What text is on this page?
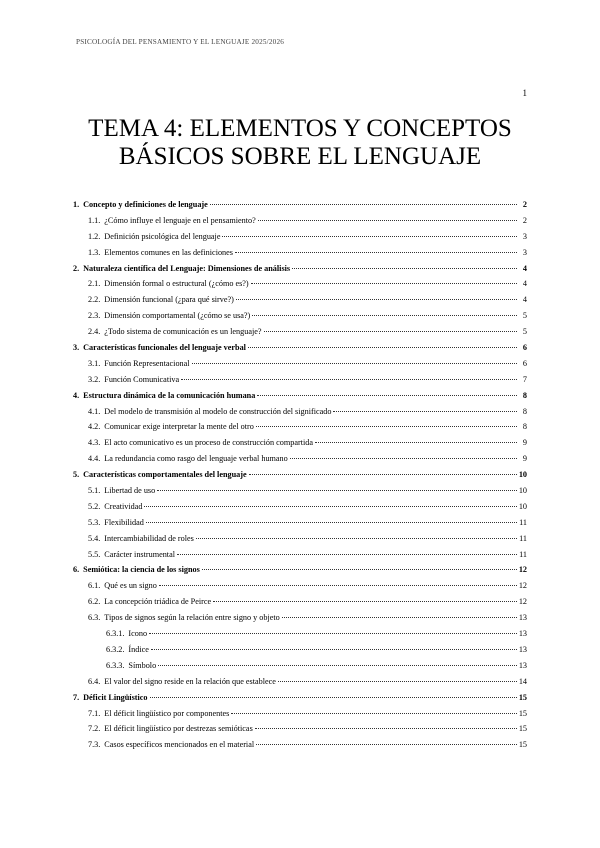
PSICOLOGÍA DEL PENSAMIENTO Y EL LENGUAJE 2025/2026
1
TEMA 4: ELEMENTOS Y CONCEPTOS
BÁSICOS SOBRE EL LENGUAJE
1. Concepto y definiciones de lenguaje	2
1.1. ¿Cómo influye el lenguaje en el pensamiento?	2
1.2. Definición psicológica del lenguaje	3
1.3. Elementos comunes en las definiciones	3
2. Naturaleza científica del Lenguaje: Dimensiones de análisis	4
2.1. Dimensión formal o estructural (¿cómo es?)	4
2.2. Dimensión funcional (¿para qué sirve?)	4
2.3. Dimensión comportamental (¿cómo se usa?)	5
2.4. ¿Todo sistema de comunicación es un lenguaje?	5
3. Características funcionales del lenguaje verbal	6
3.1. Función Representacional	6
3.2. Función Comunicativa	7
4. Estructura dinámica de la comunicación humana	8
4.1. Del modelo de transmisión al modelo de construcción del significado	8
4.2. Comunicar exige interpretar la mente del otro	8
4.3. El acto comunicativo es un proceso de construcción compartida	9
4.4. La redundancia como rasgo del lenguaje verbal humano	9
5. Características comportamentales del lenguaje	10
5.1. Libertad de uso	10
5.2. Creatividad	10
5.3. Flexibilidad	11
5.4. Intercambiabilidad de roles	11
5.5. Carácter instrumental	11
6. Semiótica: la ciencia de los signos	12
6.1. Qué es un signo	12
6.2. La concepción triádica de Peirce	12
6.3. Tipos de signos según la relación entre signo y objeto	13
6.3.1. Icono	13
6.3.2. Índice	13
6.3.3. Símbolo	13
6.4. El valor del signo reside en la relación que establece	14
7. Déficit Lingüístico	15
7.1. El déficit lingüístico por componentes	15
7.2. El déficit lingüístico por destrezas semióticas	15
7.3. Casos específicos mencionados en el material	15
